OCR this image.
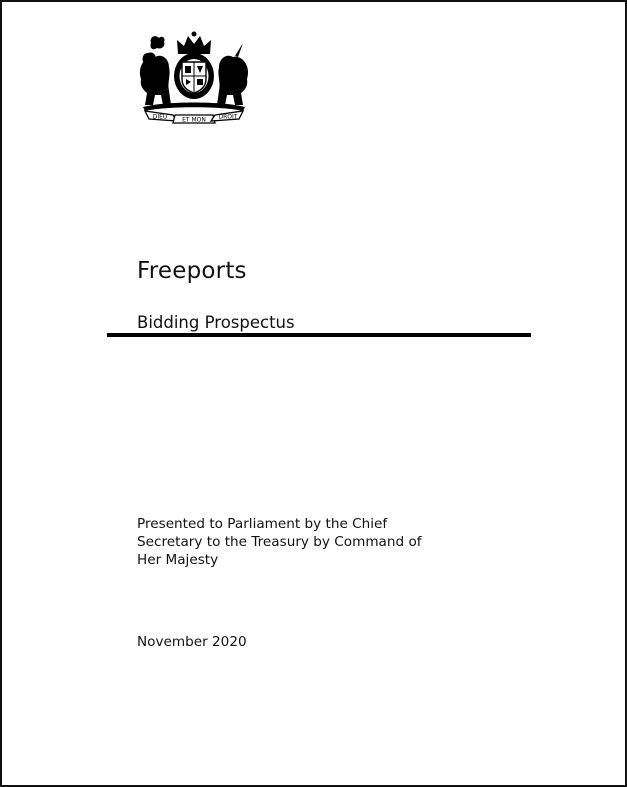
DIEU ET MON DROIT
Freeports
Bidding Prospectus

Presented to Parliament by the Chief Secretary to the Treasury by Command of Her Majesty

November 2020
